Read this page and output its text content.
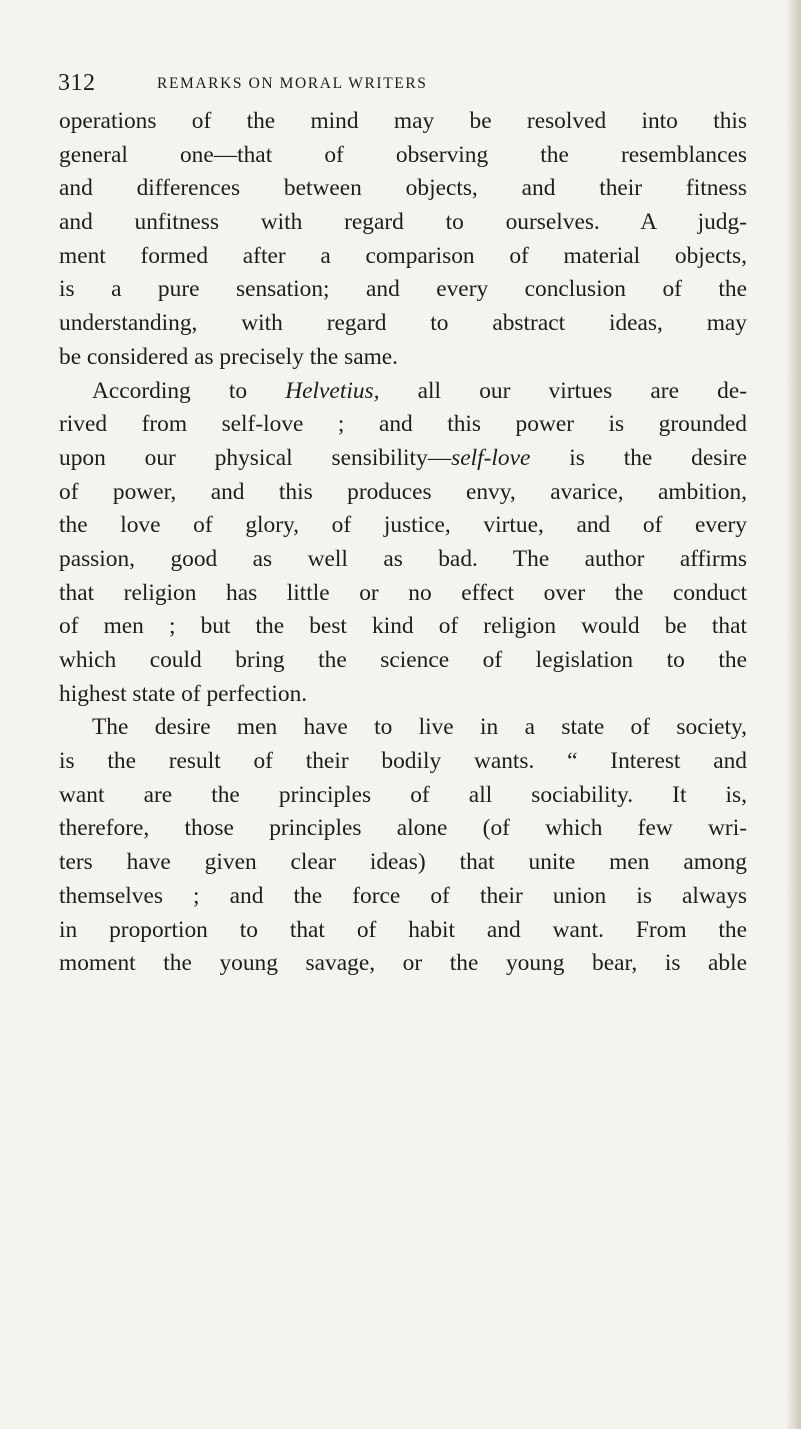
312	REMARKS ON MORAL WRITERS
operations of the mind may be resolved into this
general one—that of observing the resemblances
and differences between objects, and their fitness
and unfitness with regard to ourselves. A judg-
ment formed after a comparison of material objects,
is a pure sensation; and every conclusion of the
understanding, with regard to abstract ideas, may
be considered as precisely the same.
According to Helvetius, all our virtues are de-
rived from self-love ; and this power is grounded
upon our physical sensibility—self-love is the desire
of power, and this produces envy, avarice, ambition,
the love of glory, of justice, virtue, and of every
passion, good as well as bad. The author affirms
that religion has little or no effect over the conduct
of men ; but the best kind of religion would be that
which could bring the science of legislation to the
highest state of perfection.
The desire men have to live in a state of society,
is the result of their bodily wants. “ Interest and
want are the principles of all sociability. It is,
therefore, those principles alone (of which few wri-
ters have given clear ideas) that unite men among
themselves ; and the force of their union is always
in proportion to that of habit and want. From the
moment the young savage, or the young bear, is able
